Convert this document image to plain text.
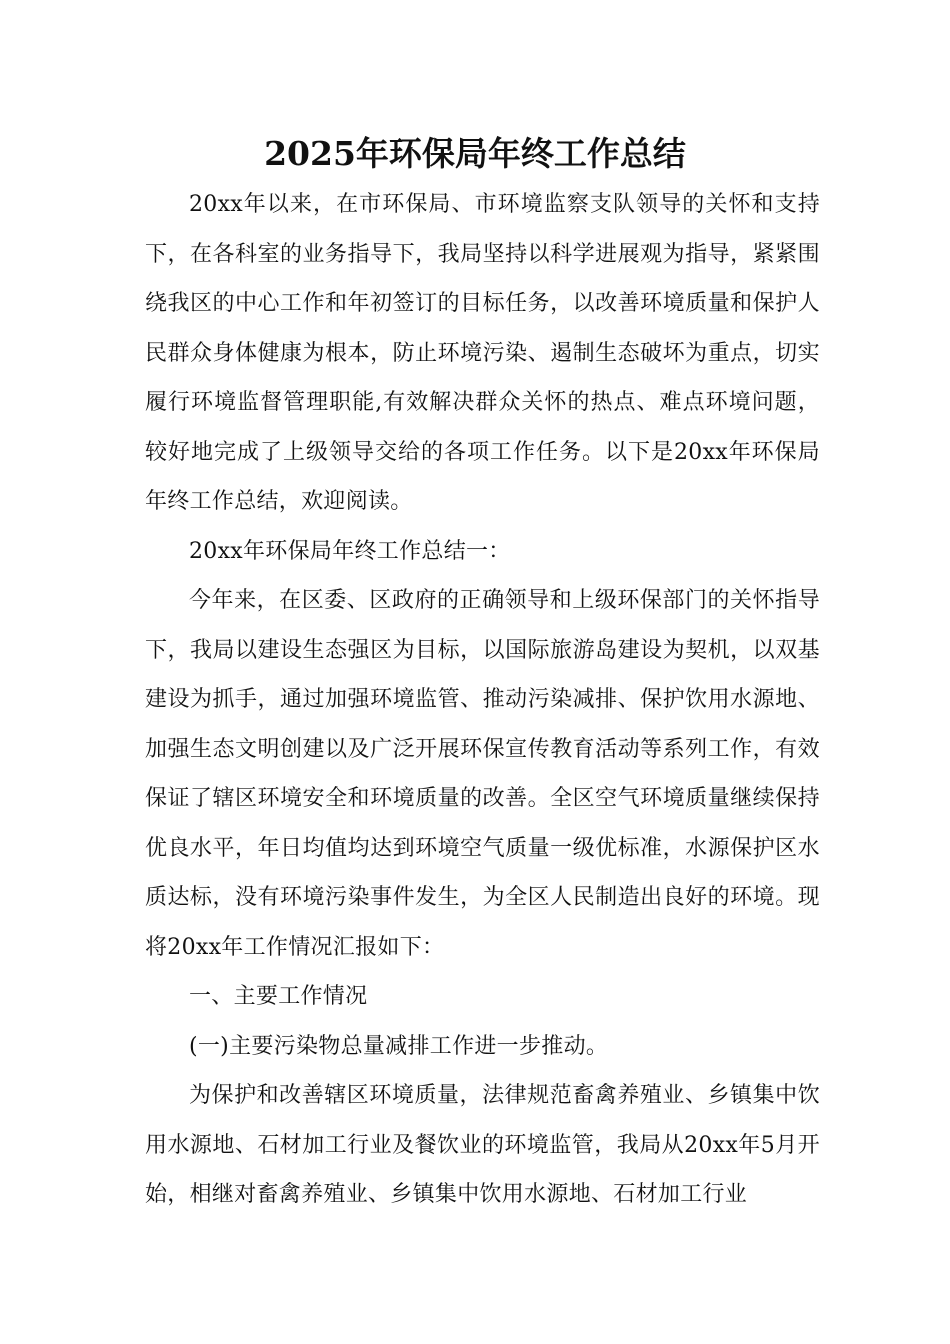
2025年环保局年终工作总结

20xx年以来，在市环保局、市环境监察支队领导的关怀和支持下，在各科室的业务指导下，我局坚持以科学进展观为指导，紧紧围绕我区的中心工作和年初签订的目标任务，以改善环境质量和保护人民群众身体健康为根本，防止环境污染、遏制生态破坏为重点，切实履行环境监督管理职能,有效解决群众关怀的热点、难点环境问题，较好地完成了上级领导交给的各项工作任务。以下是20xx年环保局年终工作总结，欢迎阅读。

20xx年环保局年终工作总结一：

今年来，在区委、区政府的正确领导和上级环保部门的关怀指导下，我局以建设生态强区为目标，以国际旅游岛建设为契机，以双基建设为抓手，通过加强环境监管、推动污染减排、保护饮用水源地、加强生态文明创建以及广泛开展环保宣传教育活动等系列工作，有效保证了辖区环境安全和环境质量的改善。全区空气环境质量继续保持优良水平，年日均值均达到环境空气质量一级优标准，水源保护区水质达标，没有环境污染事件发生，为全区人民制造出良好的环境。现将20xx年工作情况汇报如下：

一、主要工作情况

(一)主要污染物总量减排工作进一步推动。

为保护和改善辖区环境质量，法律规范畜禽养殖业、乡镇集中饮用水源地、石材加工行业及餐饮业的环境监管，我局从20xx年5月开始，相继对畜禽养殖业、乡镇集中饮用水源地、石材加工行业
